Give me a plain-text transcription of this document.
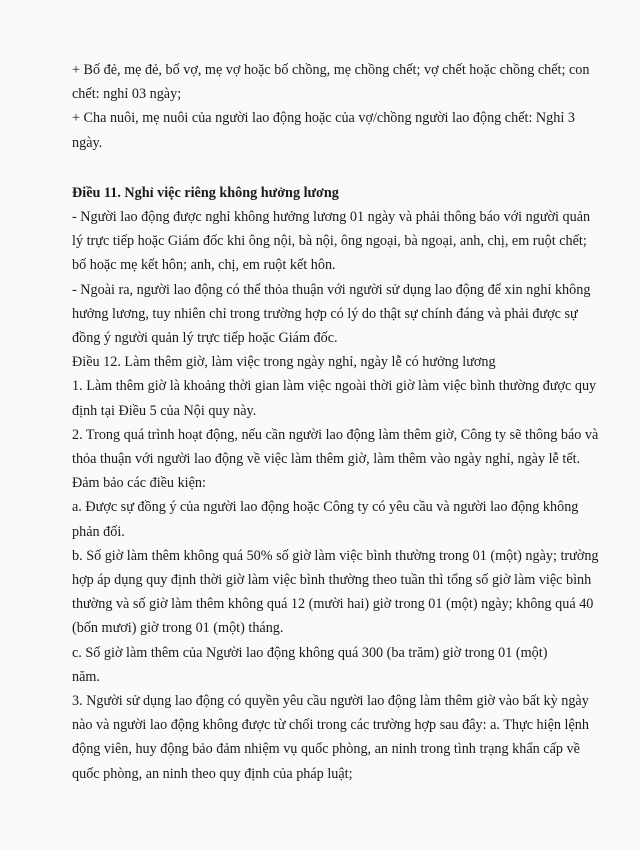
+ Bố đẻ, mẹ đẻ, bố vợ, mẹ vợ hoặc bố chồng, mẹ chồng chết; vợ chết hoặc chồng chết; con chết: nghỉ 03 ngày;

+ Cha nuôi, mẹ nuôi của người lao động hoặc của vợ/chồng người lao động chết: Nghỉ 3 ngày.

Điều 11. Nghỉ việc riêng không hưởng lương

- Người lao động được nghỉ không hưởng lương 01 ngày và phải thông báo với người quản lý trực tiếp hoặc Giám đốc khi ông nội, bà nội, ông ngoại, bà ngoại, anh, chị, em ruột chết; bố hoặc mẹ kết hôn; anh, chị, em ruột kết hôn.

- Ngoài ra, người lao động có thể thỏa thuận với người sử dụng lao động để xin nghỉ không hưởng lương, tuy nhiên chỉ trong trường hợp có lý do thật sự chính đáng và phải được sự đồng ý người quản lý trực tiếp hoặc Giám đốc.

Điều 12. Làm thêm giờ, làm việc trong ngày nghỉ, ngày lễ có hưởng lương

1. Làm thêm giờ là khoảng thời gian làm việc ngoài thời giờ làm việc bình thường được quy định tại Điều 5 của Nội quy này.

2. Trong quá trình hoạt động, nếu cần người lao động làm thêm giờ, Công ty sẽ thông báo và thỏa thuận với người lao động về việc làm thêm giờ, làm thêm vào ngày nghỉ, ngày lễ tết. Đảm bảo các điều kiện:

a. Được sự đồng ý của người lao động hoặc Công ty có yêu cầu và người lao động không phản đối.

b. Số giờ làm thêm không quá 50% số giờ làm việc bình thường trong 01 (một) ngày; trường hợp áp dụng quy định thời giờ làm việc bình thường theo tuần thì tổng số giờ làm việc bình thường và số giờ làm thêm không quá 12 (mười hai) giờ trong 01 (một) ngày; không quá 40 (bốn mươi) giờ trong 01 (một) tháng.

c. Số giờ làm thêm của Người lao động không quá 300 (ba trăm) giờ trong 01 (một)

năm.

3. Người sử dụng lao động có quyền yêu cầu người lao động làm thêm giờ vào bất kỳ ngày nào và người lao động không được từ chối trong các trường hợp sau đây: a. Thực hiện lệnh động viên, huy động bảo đảm nhiệm vụ quốc phòng, an ninh trong tình trạng khẩn cấp về quốc phòng, an ninh theo quy định của pháp luật;
